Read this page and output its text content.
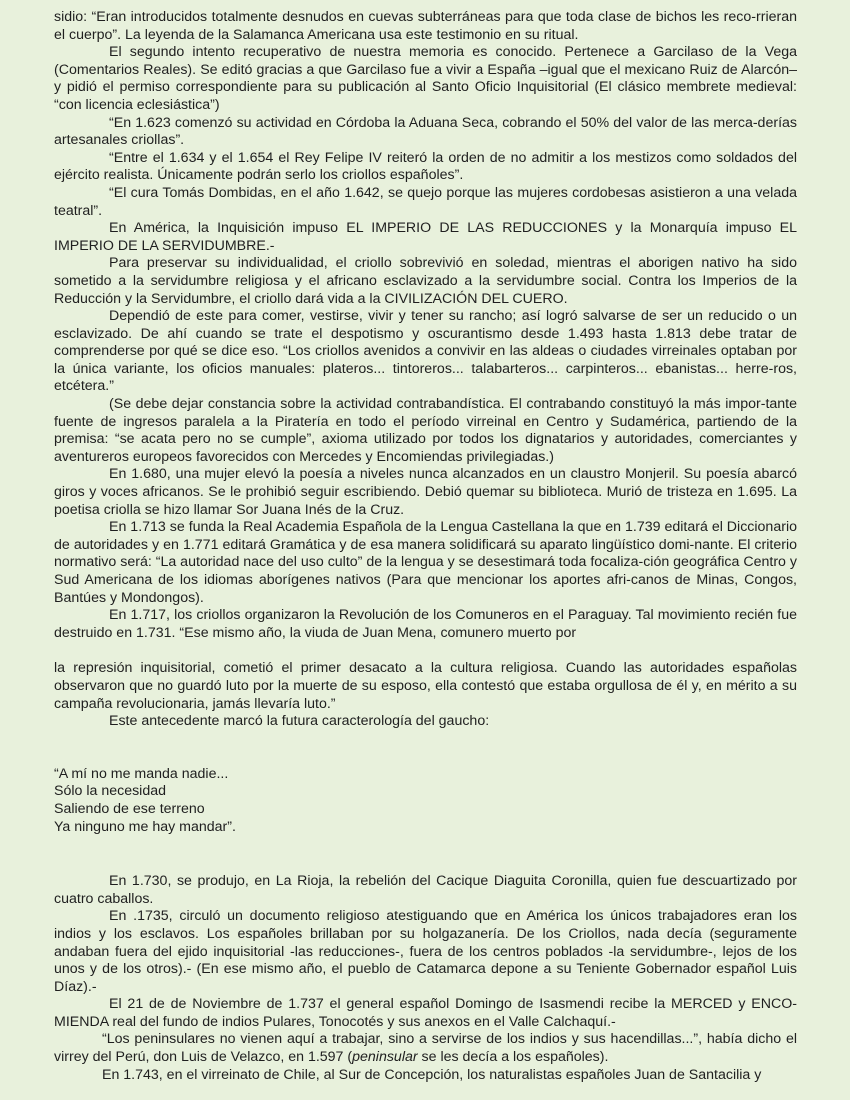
sidio: “Eran introducidos totalmente desnudos en cuevas subterráneas para que toda clase de bichos les reco-rrieran el cuerpo”. La leyenda de la Salamanca Americana usa este testimonio en su ritual.

El segundo intento recuperativo de nuestra memoria es conocido. Pertenece a Garcilaso de la Vega (Comentarios Reales). Se editó gracias a que Garcilaso fue a vivir a España –igual que el mexicano Ruiz de Alarcón– y pidió el permiso correspondiente para su publicación al Santo Oficio Inquisitorial (El clásico membrete medieval: “con licencia eclesiástica”)

“En 1.623 comenzó su actividad en Córdoba la Aduana Seca, cobrando el 50% del valor de las merca-derías artesanales criollas”.

“Entre el 1.634 y el 1.654 el Rey Felipe IV reiteró la orden de no admitir a los mestizos como soldados del ejército realista. Únicamente podrán serlo los criollos españoles”.

“El cura Tomás Dombidas, en el año 1.642, se quejo porque las mujeres cordobesas asistieron a una velada teatral”.

En América, la Inquisición impuso EL IMPERIO DE LAS REDUCCIONES y la Monarquía impuso EL IMPERIO DE LA SERVIDUMBRE.-

Para preservar su individualidad, el criollo sobrevivió en soledad, mientras el aborigen nativo ha sido sometido a la servidumbre religiosa y el africano esclavizado a la servidumbre social. Contra los Imperios de la Reducción y la Servidumbre, el criollo dará vida a la CIVILIZACIÓN DEL CUERO.

Dependió de este para comer, vestirse, vivir y tener su rancho; así logró salvarse de ser un reducido o un esclavizado. De ahí cuando se trate el despotismo y oscurantismo desde 1.493 hasta 1.813 debe tratar de comprenderse por qué se dice eso. “Los criollos avenidos a convivir en las aldeas o ciudades virreinales optaban por la única variante, los oficios manuales: plateros... tintoreros... talabarteros... carpinteros... ebanistas... herre-ros, etcétera.”

(Se debe dejar constancia sobre la actividad contrabandística. El contrabando constituyó la más impor-tante fuente de ingresos paralela a la Piratería en todo el período virreinal en Centro y Sudamérica, partiendo de la premisa: “se acata pero no se cumple”, axioma utilizado por todos los dignatarios y autoridades, comerciantes y aventureros europeos favorecidos con Mercedes y Encomiendas privilegiadas.)

En 1.680, una mujer elevó la poesía a niveles nunca alcanzados en un claustro Monjeril. Su poesía abarcó giros y voces africanos. Se le prohibió seguir escribiendo. Debió quemar su biblioteca. Murió de tristeza en 1.695. La poetisa criolla se hizo llamar Sor Juana Inés de la Cruz.

En 1.713 se funda la Real Academia Española de la Lengua Castellana la que en 1.739 editará el Diccionario de autoridades y en 1.771 editará Gramática y de esa manera solidificará su aparato lingüístico domi-nante. El criterio normativo será: “La autoridad nace del uso culto” de la lengua y se desestimará toda focaliza-ción geográfica Centro y Sud Americana de los idiomas aborígenes nativos (Para que mencionar los aportes afri-canos de Minas, Congos, Bantúes y Mondongos).

En 1.717, los criollos organizaron la Revolución de los Comuneros en el Paraguay. Tal movimiento recién fue destruido en 1.731. “Ese mismo año, la viuda de Juan Mena, comunero muerto por

la represión inquisitorial, cometió el primer desacato a la cultura religiosa. Cuando las autoridades españolas observaron que no guardó luto por la muerte de su esposo, ella contestó que estaba orgullosa de él y, en mérito a su campaña revolucionaria, jamás llevaría luto.”

Este antecedente marcó la futura caracterología del gaucho:

“A mí no me manda nadie...

Sólo la necesidad

Saliendo de ese terreno

Ya ninguno me hay mandar”.

En 1.730, se produjo, en La Rioja, la rebelión del Cacique Diaguita Coronilla, quien fue descuartizado por cuatro caballos.

En .1735, circuló un documento religioso atestiguando que en América los únicos trabajadores eran los indios y los esclavos. Los españoles brillaban por su holgazanería. De los Criollos, nada decía (seguramente andaban fuera del ejido inquisitorial -las reducciones-, fuera de los centros poblados -la servidumbre-, lejos de los unos y de los otros).- (En ese mismo año, el pueblo de Catamarca depone a su Teniente Gobernador español Luis Díaz).-

El 21 de de Noviembre de 1.737 el general español Domingo de Isasmendi recibe la MERCED y ENCO-MIENDA real del fundo de indios Pulares, Tonocotés y sus anexos en el Valle Calchaquí.-

“Los peninsulares no vienen aquí a trabajar, sino a servirse de los indios y sus hacendillas...”, había dicho el virrey del Perú, don Luis de Velazco, en 1.597 (peninsular se les decía a los españoles).

En 1.743, en el virreinato de Chile, al Sur de Concepción, los naturalistas españoles Juan de Santacilia y
